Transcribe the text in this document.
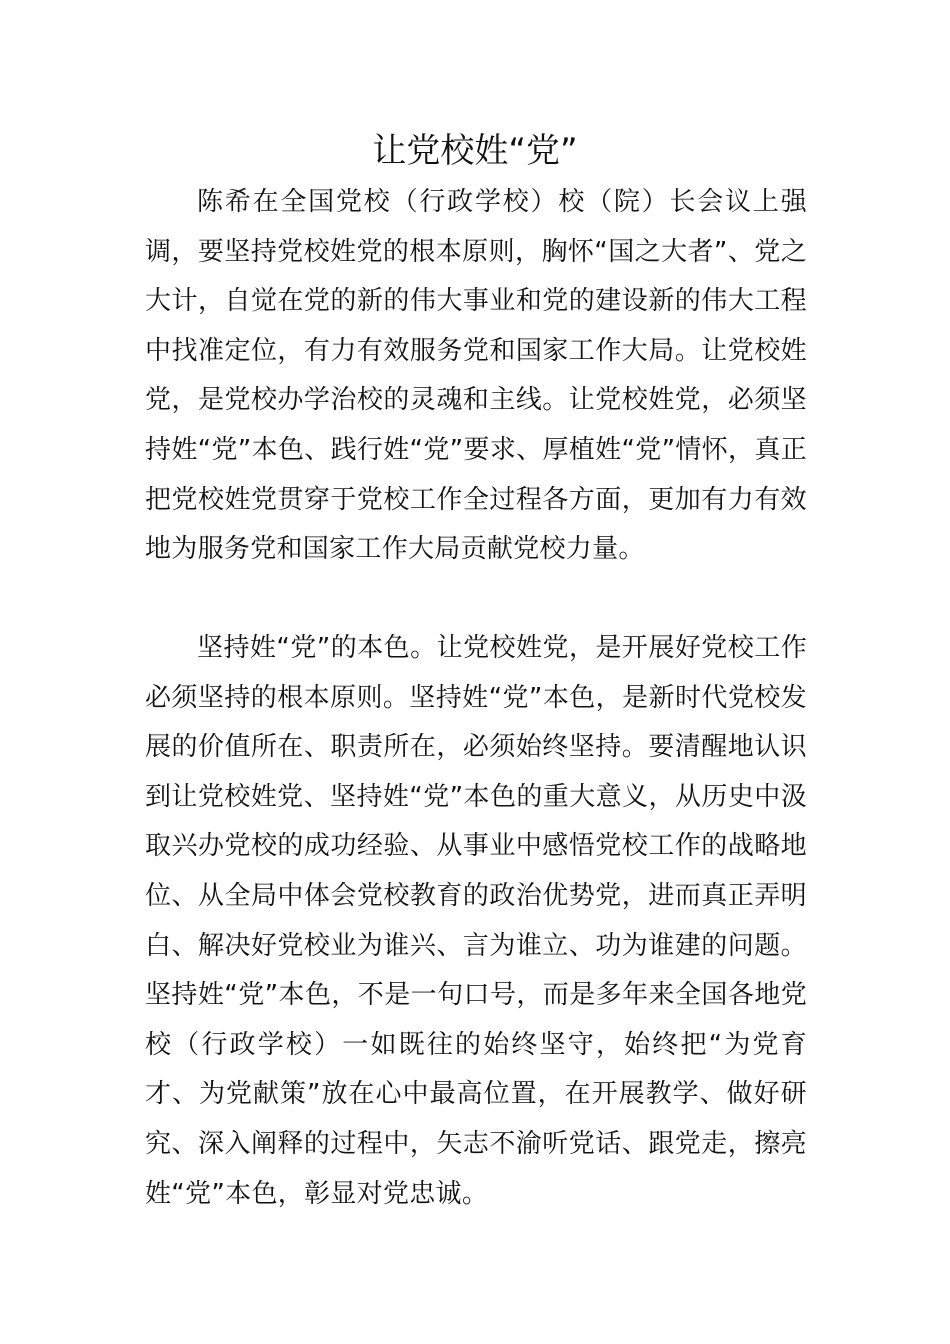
让党校姓“党”

陈希在全国党校（行政学校）校（院）长会议上强调，要坚持党校姓党的根本原则，胸怀“国之大者”、党之大计，自觉在党的新的伟大事业和党的建设新的伟大工程中找准定位，有力有效服务党和国家工作大局。让党校姓党，是党校办学治校的灵魂和主线。让党校姓党，必须坚持姓“党”本色、践行姓“党”要求、厚植姓“党”情怀，真正把党校姓党贯穿于党校工作全过程各方面，更加有力有效地为服务党和国家工作大局贡献党校力量。

坚持姓“党”的本色。让党校姓党，是开展好党校工作必须坚持的根本原则。坚持姓“党”本色，是新时代党校发展的价值所在、职责所在，必须始终坚持。要清醒地认识到让党校姓党、坚持姓“党”本色的重大意义，从历史中汲取兴办党校的成功经验、从事业中感悟党校工作的战略地位、从全局中体会党校教育的政治优势党，进而真正弄明白、解决好党校业为谁兴、言为谁立、功为谁建的问题。坚持姓“党”本色，不是一句口号，而是多年来全国各地党校（行政学校）一如既往的始终坚守，始终把“为党育才、为党献策”放在心中最高位置，在开展教学、做好研究、深入阐释的过程中，矢志不渝听党话、跟党走，擦亮姓“党”本色，彰显对党忠诚。
